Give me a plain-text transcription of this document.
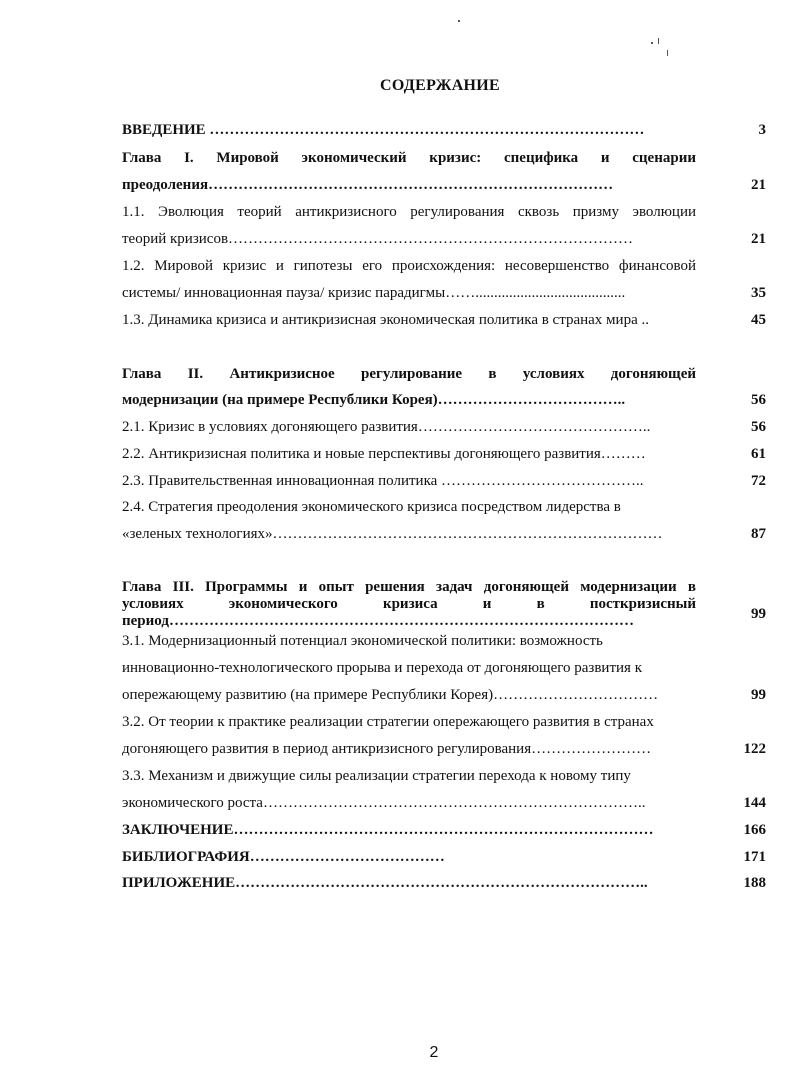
СОДЕРЖАНИЕ
ВВЕДЕНИЕ ……………………………………………………………………………	3
Глава I. Мировой экономический кризис: специфика и сценарии
преодоления………………………………………………………………………	21
1.1. Эволюция теорий антикризисного регулирования сквозь призму эволюции
теорий кризисов………………………………………………………………………	21
1.2. Мировой кризис и гипотезы его происхождения: несовершенство финансовой
системы/ инновационная пауза/ кризис парадигмы……........................................	35
1.3. Динамика кризиса и антикризисная экономическая политика в странах мира ..	45
Глава II. Антикризисное регулирование в условиях догоняющей
модернизации (на примере Республики Корея)………………………………..	56
2.1. Кризис в условиях догоняющего развития………………………………………..	56
2.2. Антикризисная политика и новые перспективы догоняющего развития………	61
2.3. Правительственная инновационная политика …………………………………..	72
2.4. Стратегия преодоления экономического кризиса посредством лидерства в
«зеленых технологиях»……………………………………………………………………	87
Глава III. Программы и опыт решения задач догоняющей модернизации в
условиях экономического кризиса и в посткризисный
период…………………………………………………………………………………	99
3.1. Модернизационный потенциал экономической политики: возможность
инновационно-технологического прорыва и перехода от догоняющего развития к
опережающему развитию (на примере Республики Корея)……………………………	99
3.2. От теории к практике реализации стратегии опережающего развития в странах
догоняющего развития в период антикризисного регулирования……………………	122
3.3. Механизм и движущие силы реализации стратегии перехода к новому типу
экономического роста…………………………………………………………………..	144
ЗАКЛЮЧЕНИЕ…………………………………………………………………………	166
БИБЛИОГРАФИЯ…………………………………	171
ПРИЛОЖЕНИЕ………………………………………………………………………..	188
2
